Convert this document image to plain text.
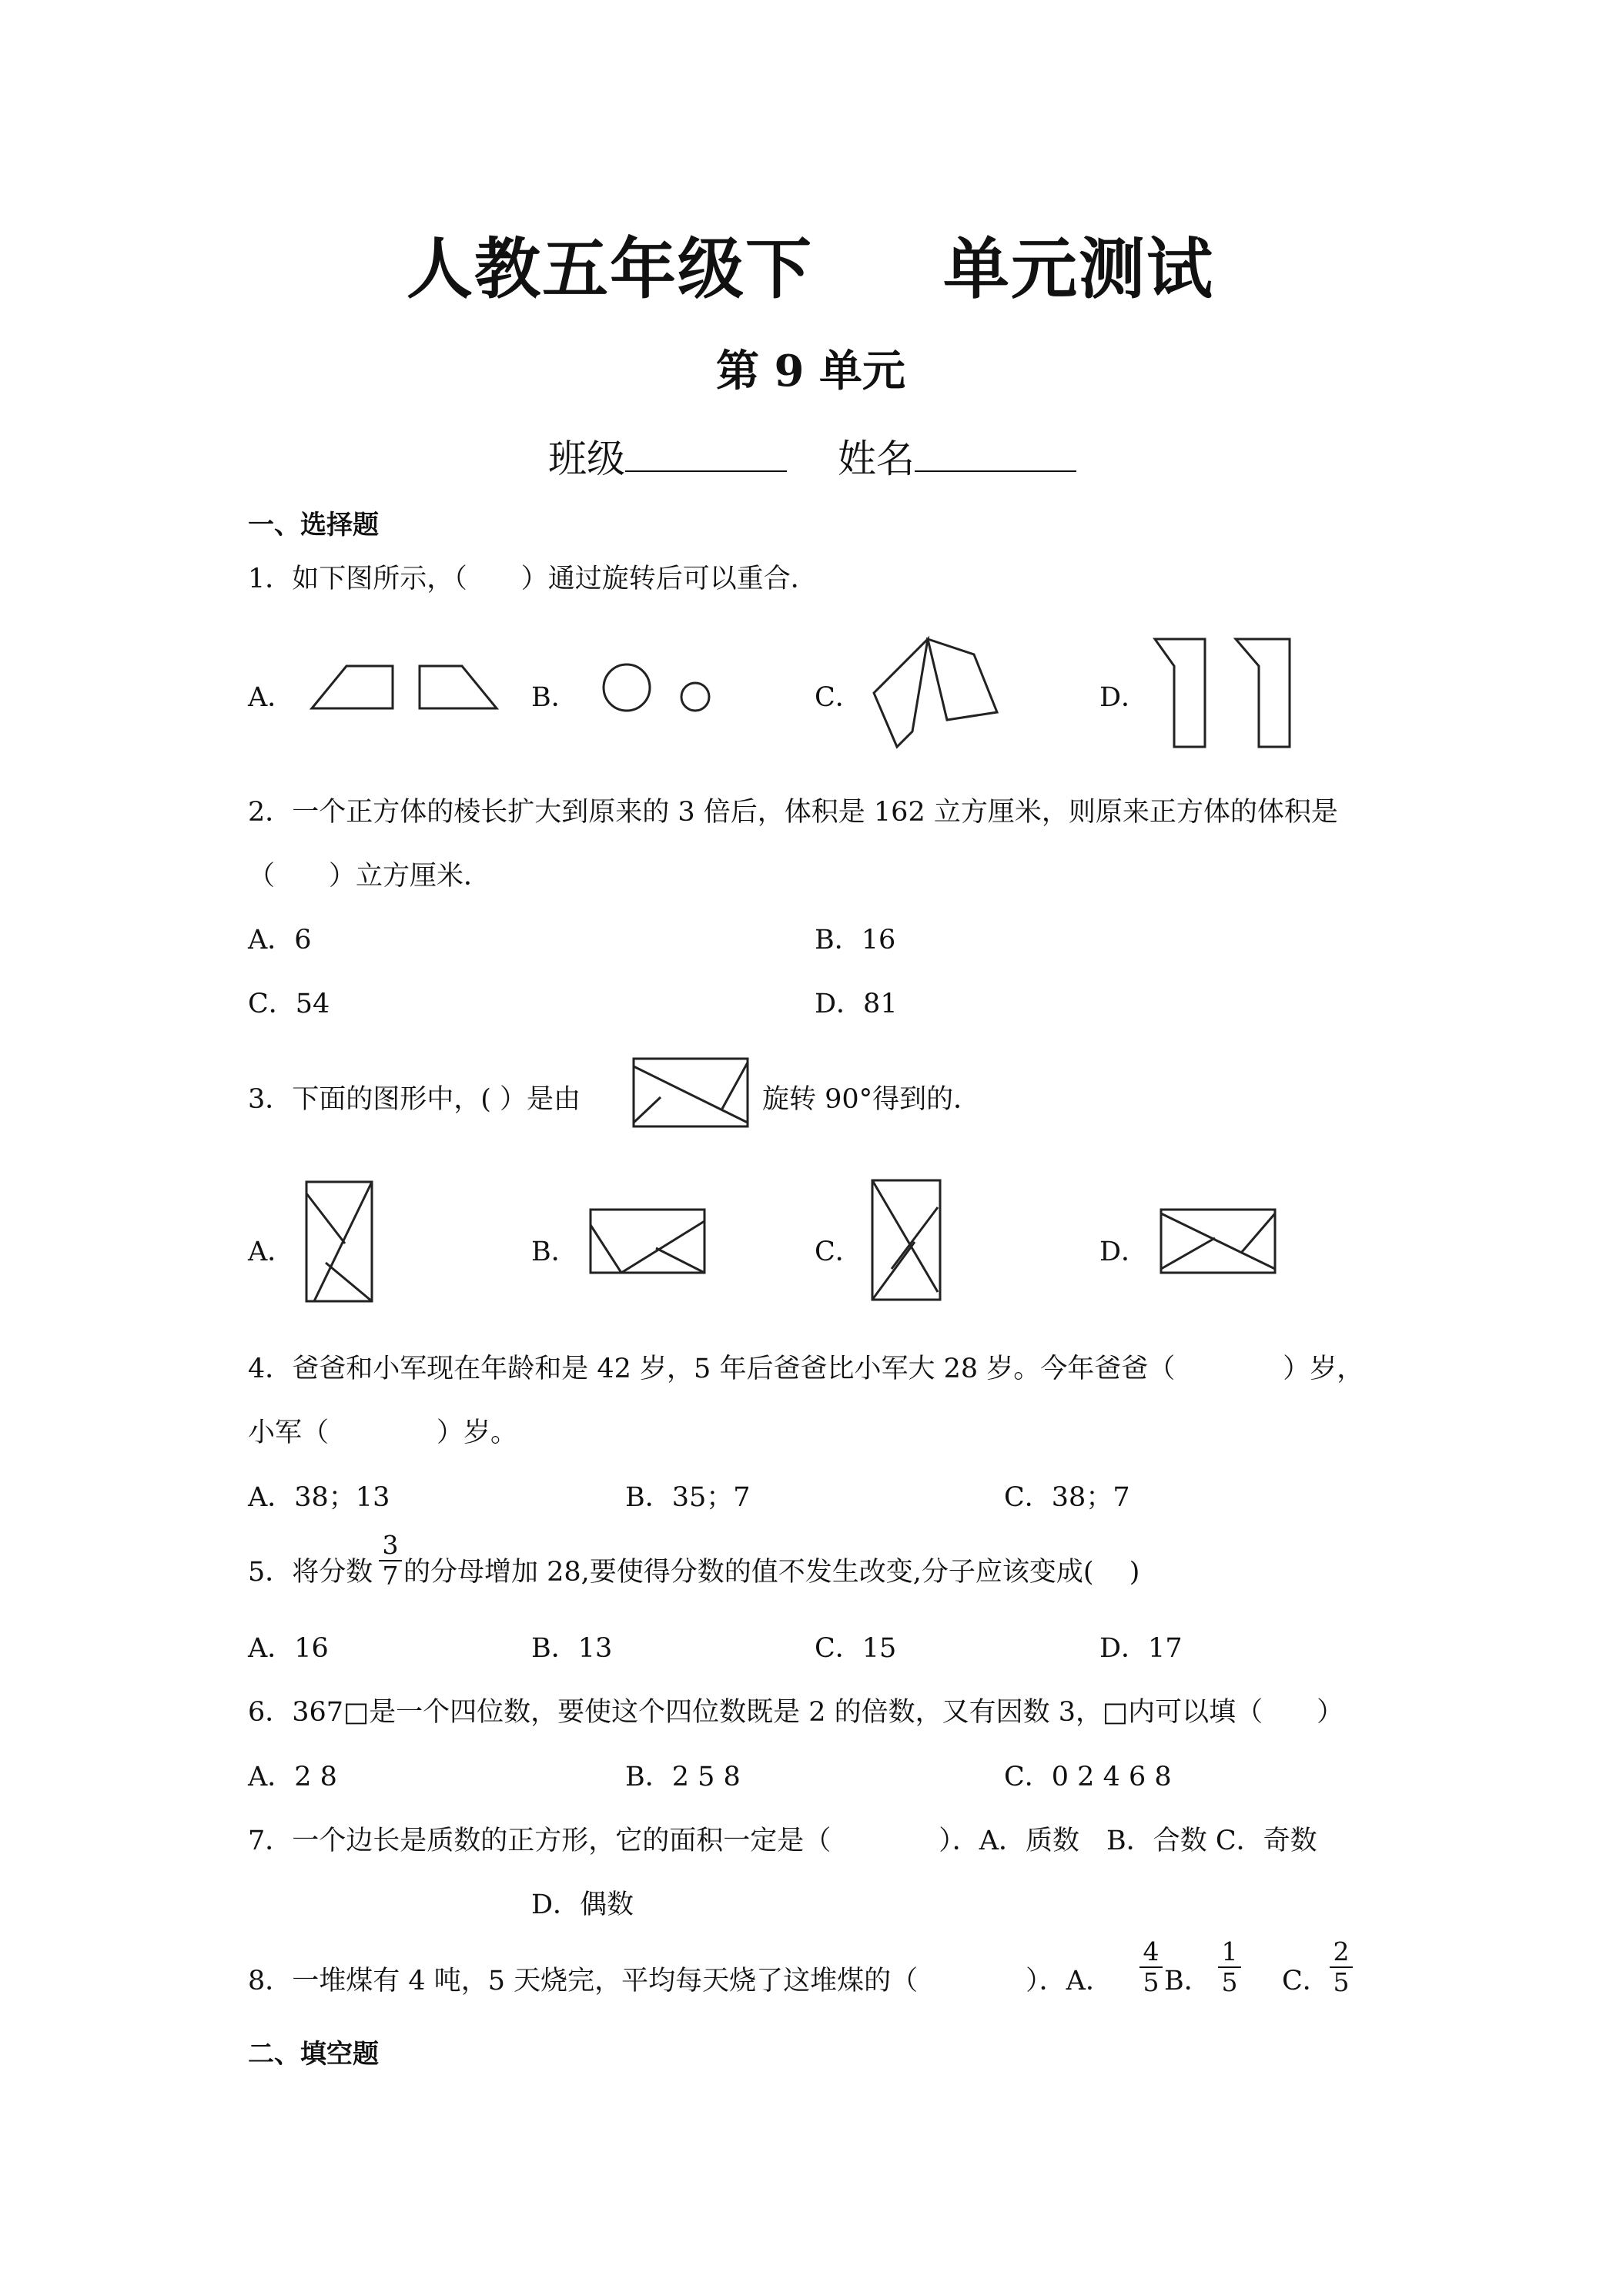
人教五年级下 单元测试
第 9 单元
班级	姓名
一、选择题
1．如下图所示，（　　）通过旋转后可以重合．
A．	B．	C．	D．
2．一个正方体的棱长扩大到原来的 3 倍后，体积是 162 立方厘米，则原来正方体的体积是
（　　）立方厘米．
A．6	B．16
C．54	D．81
3．下面的图形中，( ）是由	旋转 90°得到的．
A．	B．	C．	D．
4．爸爸和小军现在年龄和是 42 岁，5 年后爸爸比小军大 28 岁。今年爸爸（　　　　）岁，
小军（　　　　）岁。
A．38；13	B．35；7	C．38；7
5．将分数
3
7 的分母增加 28,要使得分数的值不发生改变,分子应该变成(　 )
A．16	B．13	C．15	D．17
6．367□是一个四位数，要使这个四位数既是 2 的倍数，又有因数 3，□内可以填（　　）
A．2 8	B．2 5 8	C．0 2 4 6 8
7．一个边长是质数的正方形，它的面积一定是（　　　　）．A．质数　B．合数 C．奇数
D．偶数
8．一堆煤有 4 吨，5 天烧完，平均每天烧了这堆煤的（　　　　）．A．
4
5 B．
1
5 C．
2
5
二、填空题
